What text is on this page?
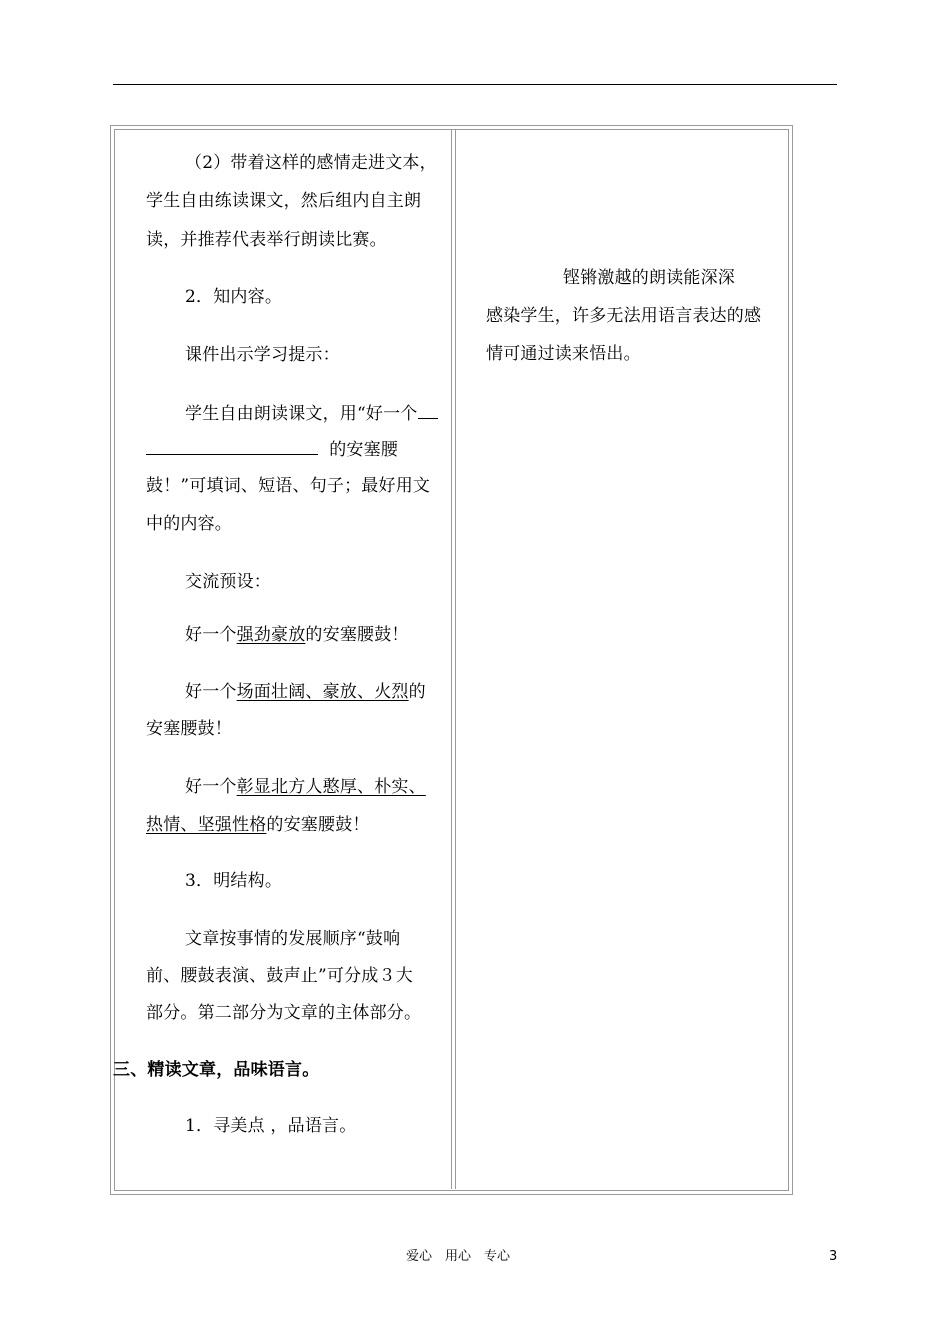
（2）带着这样的感情走进文本，
学生自由练读课文，然后组内自主朗
读，并推荐代表举行朗读比赛。
2．知内容。
课件出示学习提示：
学生自由朗读课文，用“好一个
的安塞腰
鼓！”可填词、短语、句子；最好用文
中的内容。
交流预设：
好一个强劲豪放的安塞腰鼓！
好一个场面壮阔、豪放、火烈的
安塞腰鼓！
好一个彰显北方人憨厚、朴实、
热情、坚强性格的安塞腰鼓！
3．明结构。
文章按事情的发展顺序“鼓响
前、腰鼓表演、鼓声止”可分成３大
部分。第二部分为文章的主体部分。
三、精读文章，品味语言。
1．寻美点 ，品语言。
铿锵激越的朗读能深深
感染学生，许多无法用语言表达的感
情可通过读来悟出。
爱心　用心　专心	3
